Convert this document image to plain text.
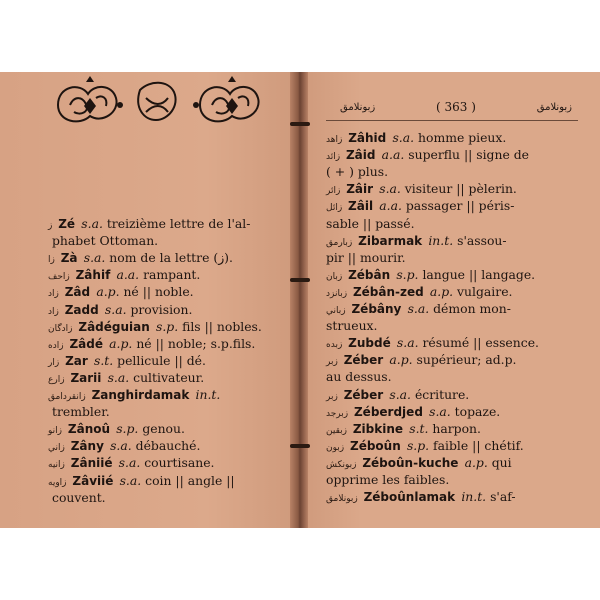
زبونلامق	( 363 )	زبونلامق
ز Zé s.a. treizième lettre de l'al-
phabet Ottoman.
زا Zà s.a. nom de la lettre (ز).
زاحف Zâhif a.a. rampant.
زاد Zâd a.p. né || noble.
زاد Zadd s.a. provision.
زادگان Zâdéguian s.p. fils || nobles.
زاده Zâdé a.p. né || noble; s.p.fils.
زار Zar s.t. pellicule || dé.
زارع Zarii s.a. cultivateur.
زانقردامق Zanghirdamak in.t.
trembler.
زانو Zânoû s.p. genou.
زاني Zâny s.a. débauché.
زانيه Zâniié s.a. courtisane.
زاويه Zâviié s.a. coin || angle ||
couvent.
زاهد Zâhid s.a. homme pieux.
زائد Zâid a.a. superflu || signe de
( + ) plus.
زائر Zâir s.a. visiteur || pèlerin.
زائل Zâil a.a. passager || péris-
sable || passé.
زبارمق Zibarmak in.t. s'assou-
pir || mourir.
زبان Zébân s.p. langue || langage.
زبانزد Zébân-zed a.p. vulgaire.
زباني Zébâny s.a. démon mon-
strueux.
زبده Zubdé s.a. résumé || essence.
زبر Zéber a.p. supérieur; ad.p.
au dessus.
زبر Zéber s.a. écriture.
زبرجد Zéberdjed s.a. topaze.
زبقين Zibkine s.t. harpon.
زبون Zéboûn s.p. faible || chétif.
زبونكش Zéboûn-kuche a.p. qui
opprime les faibles.
زبونلامق Zéboûnlamak in.t. s'af-
